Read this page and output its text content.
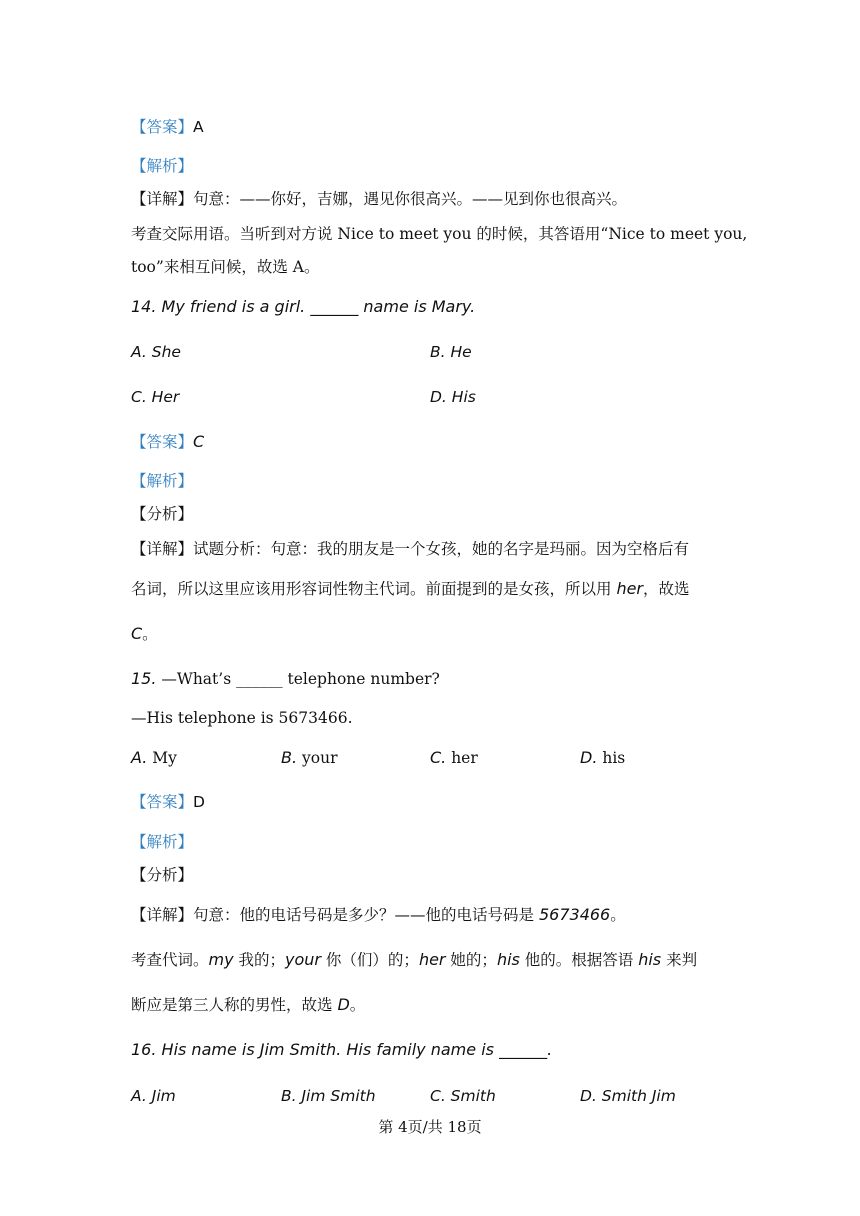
【答案】A
【解析】
【详解】句意：——你好，吉娜，遇见你很高兴。——见到你也很高兴。
考查交际用语。当听到对方说 Nice to meet you 的时候，其答语用“Nice to meet you,
too”来相互问候，故选 A。
14. My friend is a girl. ______ name is Mary.
A. She	B. He
C. Her	D. His
【答案】C
【解析】
【分析】
【详解】试题分析：句意：我的朋友是一个女孩，她的名字是玛丽。因为空格后有
名词，所以这里应该用形容词性物主代词。前面提到的是女孩，所以用 her，故选
C。
15. —What’s ______ telephone number?
—His telephone is 5673466.
A. My	B. your	C. her	D. his
【答案】D
【解析】
【分析】
【详解】句意：他的电话号码是多少？——他的电话号码是 5673466。
考查代词。my 我的；your 你（们）的；her 她的；his 他的。根据答语 his 来判
断应是第三人称的男性，故选 D。
16. His name is Jim Smith. His family name is ______.
A. Jim	B. Jim Smith	C. Smith	D. Smith Jim
第 4页/共 18页
